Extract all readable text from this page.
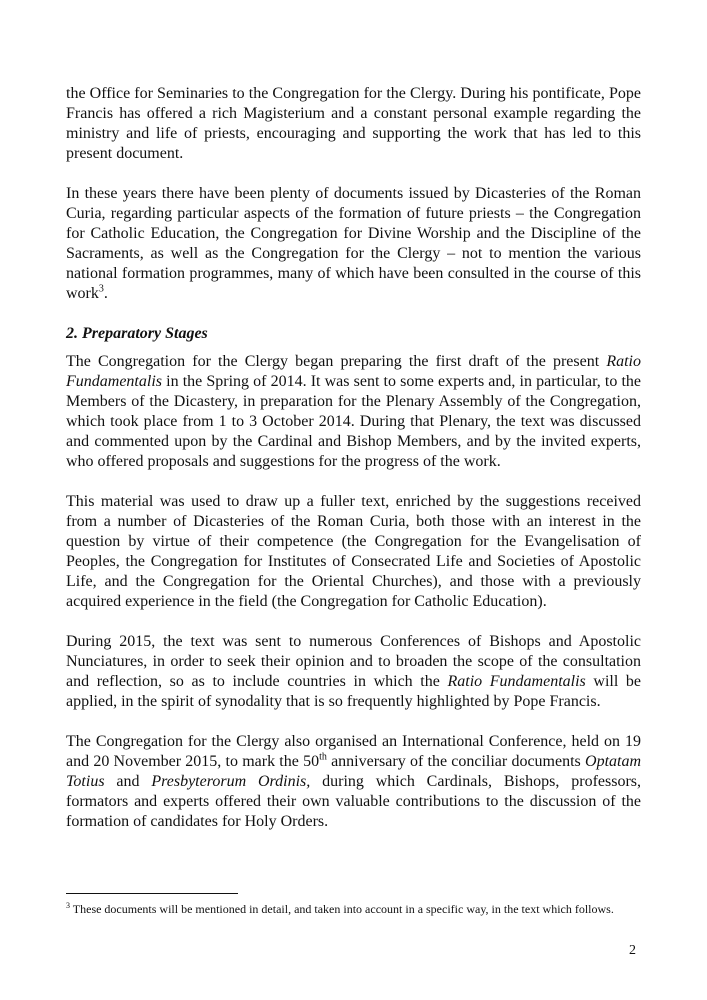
the Office for Seminaries to the Congregation for the Clergy. During his pontificate, Pope Francis has offered a rich Magisterium and a constant personal example regarding the ministry and life of priests, encouraging and supporting the work that has led to this present document.

In these years there have been plenty of documents issued by Dicasteries of the Roman Curia, regarding particular aspects of the formation of future priests – the Congregation for Catholic Education, the Congregation for Divine Worship and the Discipline of the Sacraments, as well as the Congregation for the Clergy – not to mention the various national formation programmes, many of which have been consulted in the course of this work$^3$.

2. Preparatory Stages

The Congregation for the Clergy began preparing the first draft of the present Ratio Fundamentalis in the Spring of 2014. It was sent to some experts and, in particular, to the Members of the Dicastery, in preparation for the Plenary Assembly of the Congregation, which took place from 1 to 3 October 2014. During that Plenary, the text was discussed and commented upon by the Cardinal and Bishop Members, and by the invited experts, who offered proposals and suggestions for the progress of the work.

This material was used to draw up a fuller text, enriched by the suggestions received from a number of Dicasteries of the Roman Curia, both those with an interest in the question by virtue of their competence (the Congregation for the Evangelisation of Peoples, the Congregation for Institutes of Consecrated Life and Societies of Apostolic Life, and the Congregation for the Oriental Churches), and those with a previously acquired experience in the field (the Congregation for Catholic Education).

During 2015, the text was sent to numerous Conferences of Bishops and Apostolic Nunciatures, in order to seek their opinion and to broaden the scope of the consultation and reflection, so as to include countries in which the Ratio Fundamentalis will be applied, in the spirit of synodality that is so frequently highlighted by Pope Francis.

The Congregation for the Clergy also organised an International Conference, held on 19 and 20 November 2015, to mark the 50th anniversary of the conciliar documents Optatam Totius and Presbyterorum Ordinis, during which Cardinals, Bishops, professors, formators and experts offered their own valuable contributions to the discussion of the formation of candidates for Holy Orders.

$^3$ These documents will be mentioned in detail, and taken into account in a specific way, in the text which follows.

2
